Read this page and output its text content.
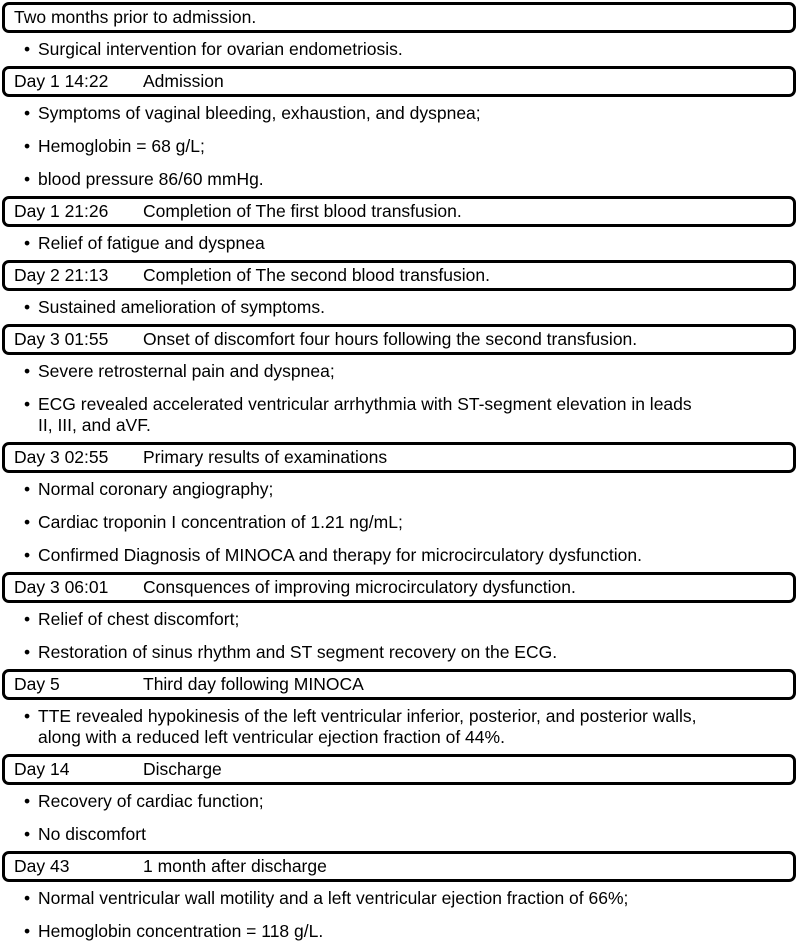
Two months prior to admission.
• Surgical intervention for ovarian endometriosis.
Day 1 14:22	Admission
• Symptoms of vaginal bleeding, exhaustion, and dyspnea;
• Hemoglobin = 68 g/L;
• blood pressure 86/60 mmHg.
Day 1 21:26	Completion of The first blood transfusion.
• Relief of fatigue and dyspnea
Day 2 21:13	Completion of The second blood transfusion.
• Sustained amelioration of symptoms.
Day 3 01:55	Onset of discomfort four hours following the second transfusion.
• Severe retrosternal pain and dyspnea;
• ECG revealed accelerated ventricular arrhythmia with ST-segment elevation in leads
II, III, and aVF.
Day 3 02:55	Primary results of examinations
• Normal coronary angiography;
• Cardiac troponin I concentration of 1.21 ng/mL;
• Confirmed Diagnosis of MINOCA and therapy for microcirculatory dysfunction.
Day 3 06:01	Consquences of improving microcirculatory dysfunction.
• Relief of chest discomfort;
• Restoration of sinus rhythm and ST segment recovery on the ECG.
Day 5	Third day following MINOCA
• TTE revealed hypokinesis of the left ventricular inferior, posterior, and posterior walls,
along with a reduced left ventricular ejection fraction of 44%.
Day 14	Discharge
• Recovery of cardiac function;
• No discomfort
Day 43	1 month after discharge
• Normal ventricular wall motility and a left ventricular ejection fraction of 66%;
• Hemoglobin concentration = 118 g/L.
